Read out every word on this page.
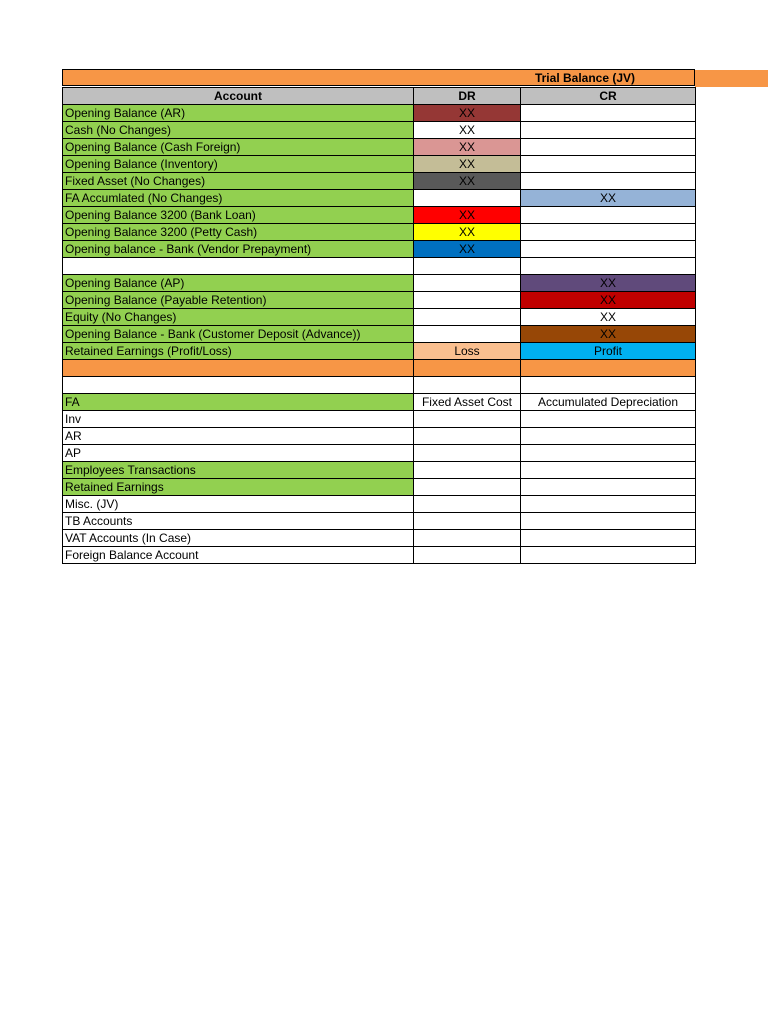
Trial Balance (JV)
Account	DR	CR
Opening Balance (AR)	XX	
Cash (No Changes)	XX	
Opening Balance (Cash Foreign)	XX	
Opening Balance (Inventory)	XX	
Fixed Asset (No Changes)	XX	
FA Accumlated (No Changes)		XX
Opening Balance 3200 (Bank Loan)	XX	
Opening Balance 3200 (Petty Cash)	XX	
Opening balance - Bank (Vendor Prepayment)	XX	

Opening Balance (AP)		XX
Opening Balance (Payable Retention)		XX
Equity (No Changes)		XX
Opening Balance - Bank (Customer Deposit (Advance))		XX
Retained Earnings (Profit/Loss)	Loss	Profit

FA	Fixed Asset Cost	Accumulated Depreciation
Inv		
AR		
AP		
Employees Transactions		
Retained Earnings		
Misc. (JV)		
TB Accounts		
VAT Accounts (In Case)		
Foreign Balance Account		
